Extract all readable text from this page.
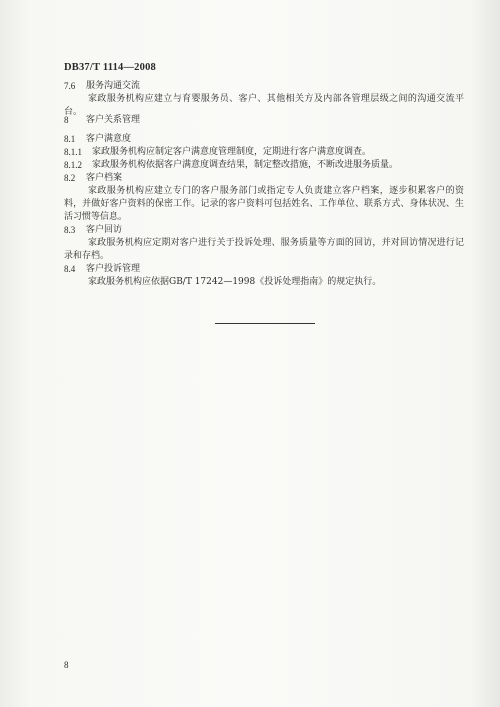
DB37/T 1114—2008
7.6	服务沟通交流
家政服务机构应建立与育婴服务员、客户、其他相关方及内部各管理层级之间的沟通交流平台。
8	客户关系管理
8.1	客户满意度
8.1.1	家政服务机构应制定客户满意度管理制度，定期进行客户满意度调查。
8.1.2	家政服务机构依据客户满意度调查结果，制定整改措施，不断改进服务质量。
8.2	客户档案
家政服务机构应建立专门的客户服务部门或指定专人负责建立客户档案，逐步积累客户的资料，并做好客户资料的保密工作。记录的客户资料可包括姓名、工作单位、联系方式、身体状况、生活习惯等信息。
8.3	客户回访
家政服务机构应定期对客户进行关于投诉处理、服务质量等方面的回访，并对回访情况进行记录和存档。
8.4	客户投诉管理
家政服务机构应依据GB/T 17242—1998《投诉处理指南》的规定执行。
8
